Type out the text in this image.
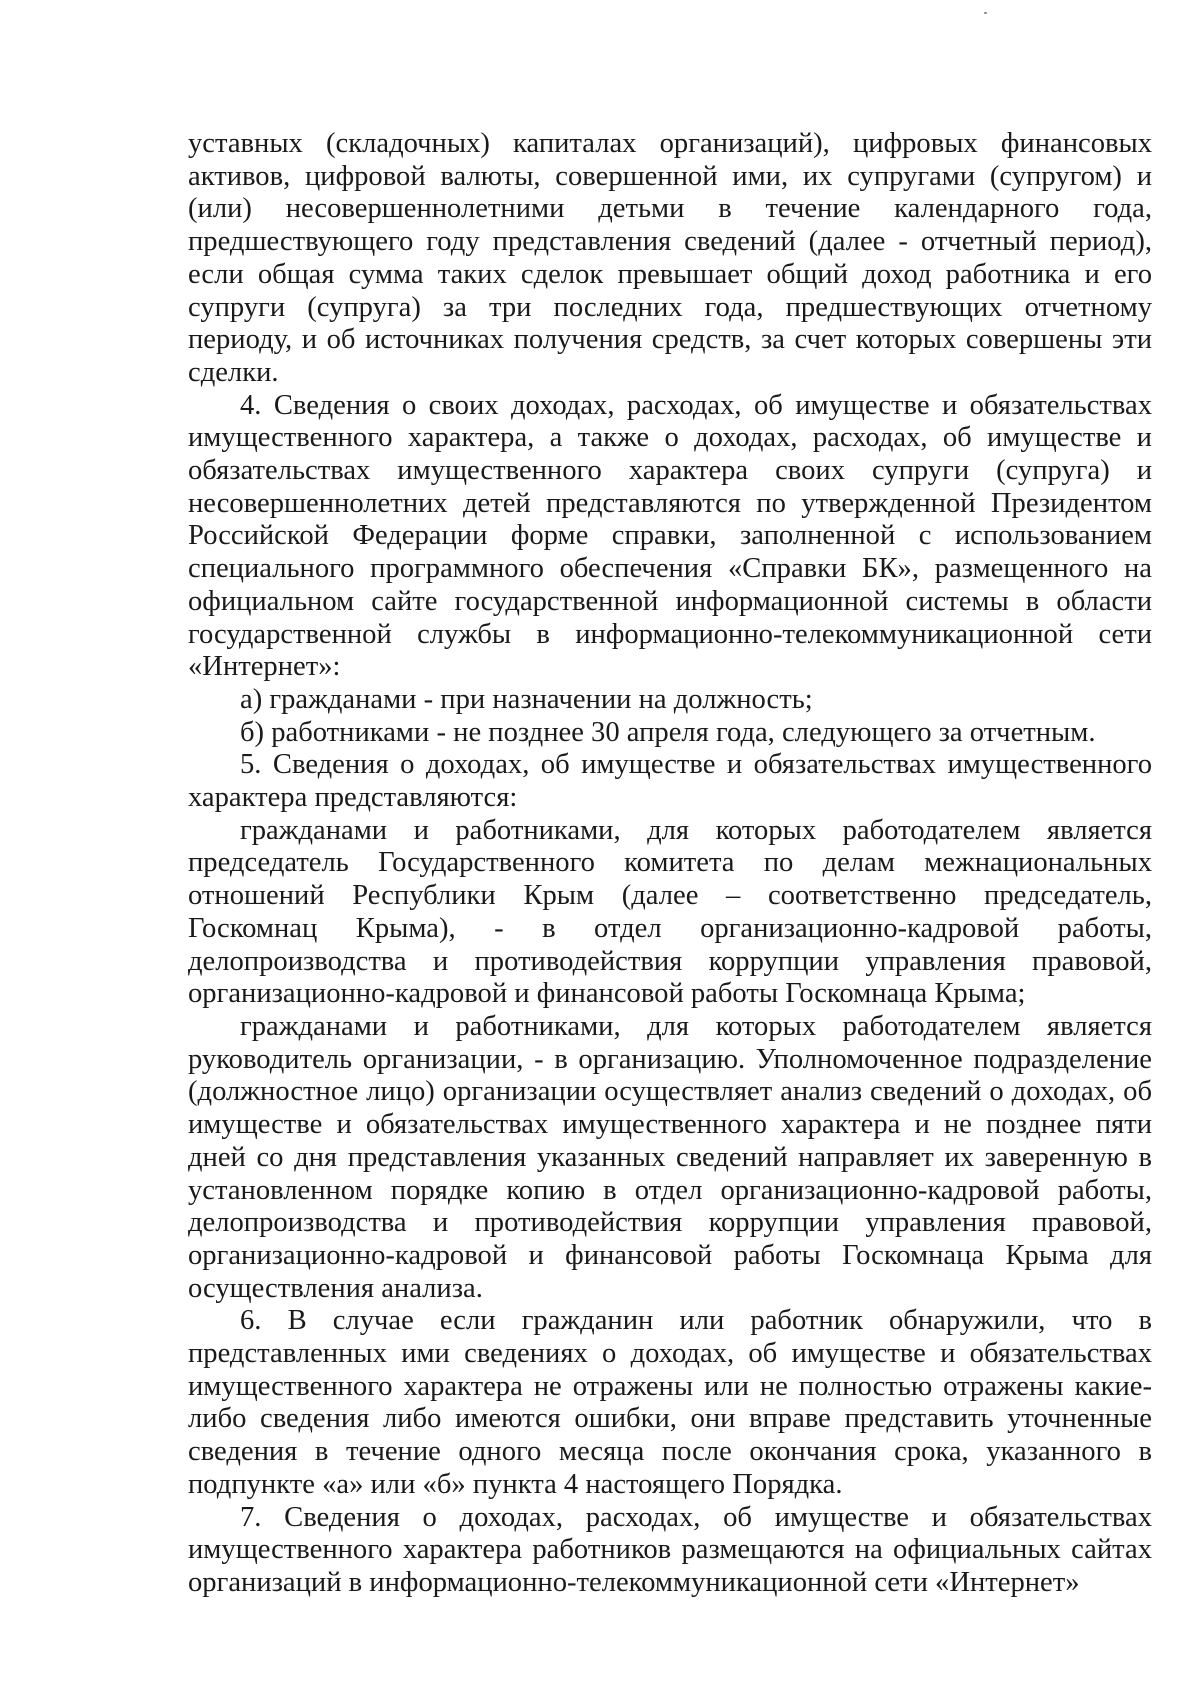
уставных (складочных) капиталах организаций), цифровых финансовых активов, цифровой валюты, совершенной ими, их супругами (супругом) и (или) несовершеннолетними детьми в течение календарного года, предшествующего году представления сведений (далее - отчетный период), если общая сумма таких сделок превышает общий доход работника и его супруги (супруга) за три последних года, предшествующих отчетному периоду, и об источниках получения средств, за счет которых совершены эти сделки.

4. Сведения о своих доходах, расходах, об имуществе и обязательствах имущественного характера, а также о доходах, расходах, об имуществе и обязательствах имущественного характера своих супруги (супруга) и несовершеннолетних детей представляются по утвержденной Президентом Российской Федерации форме справки, заполненной с использованием специального программного обеспечения «Справки БК», размещенного на официальном сайте государственной информационной системы в области государственной службы в информационно-телекоммуникационной сети «Интернет»:

а) гражданами - при назначении на должность;

б) работниками - не позднее 30 апреля года, следующего за отчетным.

5. Сведения о доходах, об имуществе и обязательствах имущественного характера представляются:

гражданами и работниками, для которых работодателем является председатель Государственного комитета по делам межнациональных отношений Республики Крым (далее – соответственно председатель, Госкомнац Крыма), - в отдел организационно-кадровой работы, делопроизводства и противодействия коррупции управления правовой, организационно-кадровой и финансовой работы Госкомнаца Крыма;

гражданами и работниками, для которых работодателем является руководитель организации, - в организацию. Уполномоченное подразделение (должностное лицо) организации осуществляет анализ сведений о доходах, об имуществе и обязательствах имущественного характера и не позднее пяти дней со дня представления указанных сведений направляет их заверенную в установленном порядке копию в отдел организационно-кадровой работы, делопроизводства и противодействия коррупции управления правовой, организационно-кадровой и финансовой работы Госкомнаца Крыма для осуществления анализа.

6. В случае если гражданин или работник обнаружили, что в представленных ими сведениях о доходах, об имуществе и обязательствах имущественного характера не отражены или не полностью отражены какие-либо сведения либо имеются ошибки, они вправе представить уточненные сведения в течение одного месяца после окончания срока, указанного в подпункте «а» или «б» пункта 4 настоящего Порядка.

7. Сведения о доходах, расходах, об имуществе и обязательствах имущественного характера работников размещаются на официальных сайтах организаций в информационно-телекоммуникационной сети «Интернет»
